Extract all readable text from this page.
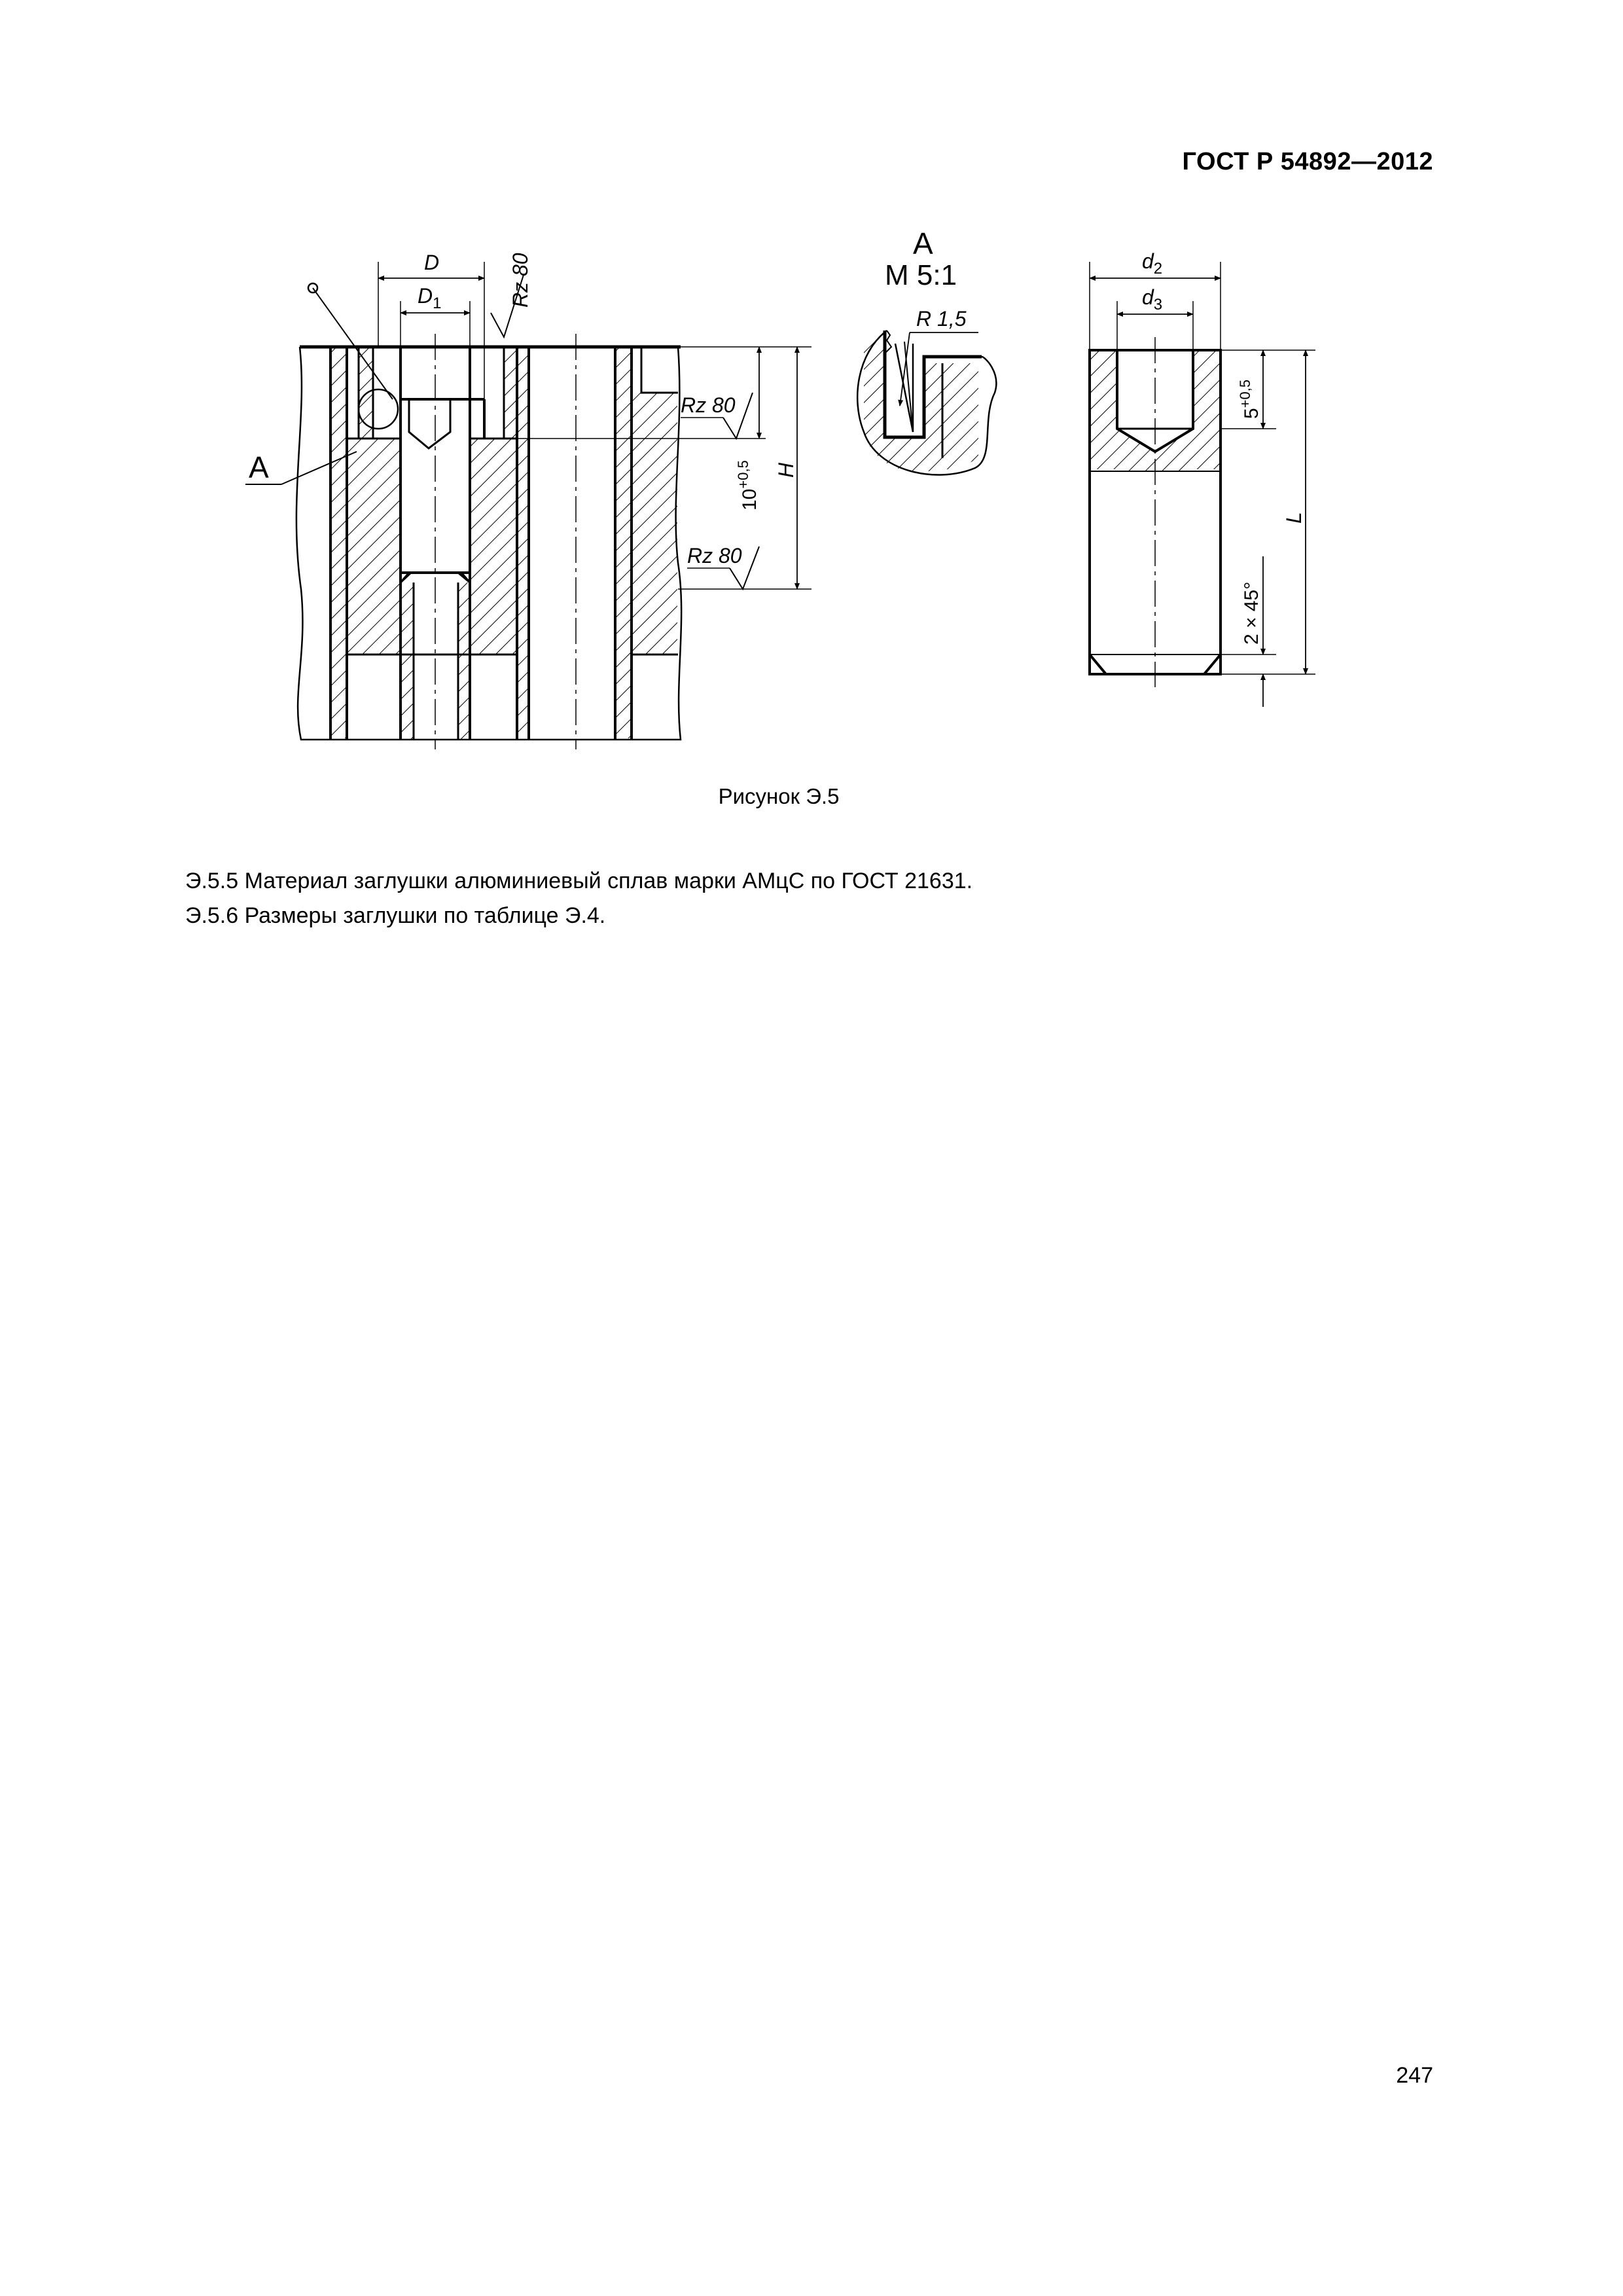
ГОСТ Р 54892—2012
D
$D_1$	Rz 80
А
Rz 80
Rz 80
$10^{+0,5}$	H
А
М 5:1
R 1,5
$d_2$
$d_3$
$5^{+0,5}$
L
2 × 45°
Рисунок Э.5
Э.5.5 Материал заглушки алюминиевый сплав марки АМцС по ГОСТ 21631.
Э.5.6 Размеры заглушки по таблице Э.4.
247
